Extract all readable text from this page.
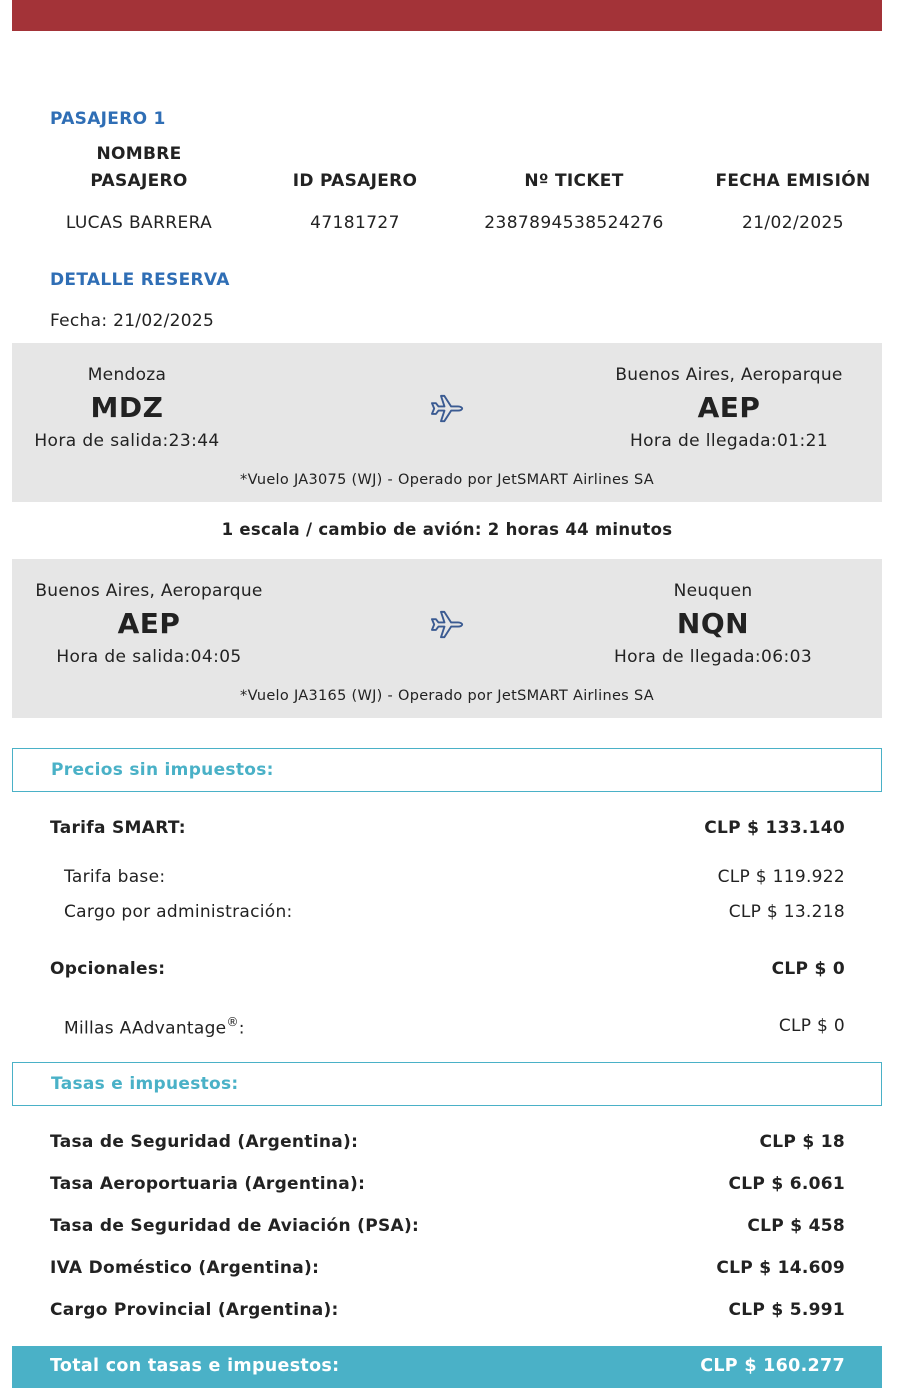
PASAJERO 1
NOMBRE
PASAJERO	ID PASAJERO	Nº TICKET	FECHA EMISIÓN
LUCAS BARRERA	47181727	2387894538524276	21/02/2025
DETALLE RESERVA
Fecha: 21/02/2025
Mendoza
MDZ
Hora de salida:23:44
Buenos Aires, Aeroparque
AEP
Hora de llegada:01:21
*Vuelo JA3075 (WJ) - Operado por JetSMART Airlines SA
1 escala / cambio de avión: 2 horas 44 minutos
Buenos Aires, Aeroparque
AEP
Hora de salida:04:05
Neuquen
NQN
Hora de llegada:06:03
*Vuelo JA3165 (WJ) - Operado por JetSMART Airlines SA
Precios sin impuestos:
Tarifa SMART:	CLP $ 133.140
Tarifa base:	CLP $ 119.922
Cargo por administración:	CLP $ 13.218
Opcionales:	CLP $ 0
Millas AAdvantage®:	CLP $ 0
Tasas e impuestos:
Tasa de Seguridad (Argentina):	CLP $ 18
Tasa Aeroportuaria (Argentina):	CLP $ 6.061
Tasa de Seguridad de Aviación (PSA):	CLP $ 458
IVA Doméstico (Argentina):	CLP $ 14.609
Cargo Provincial (Argentina):	CLP $ 5.991
Total con tasas e impuestos:	CLP $ 160.277
